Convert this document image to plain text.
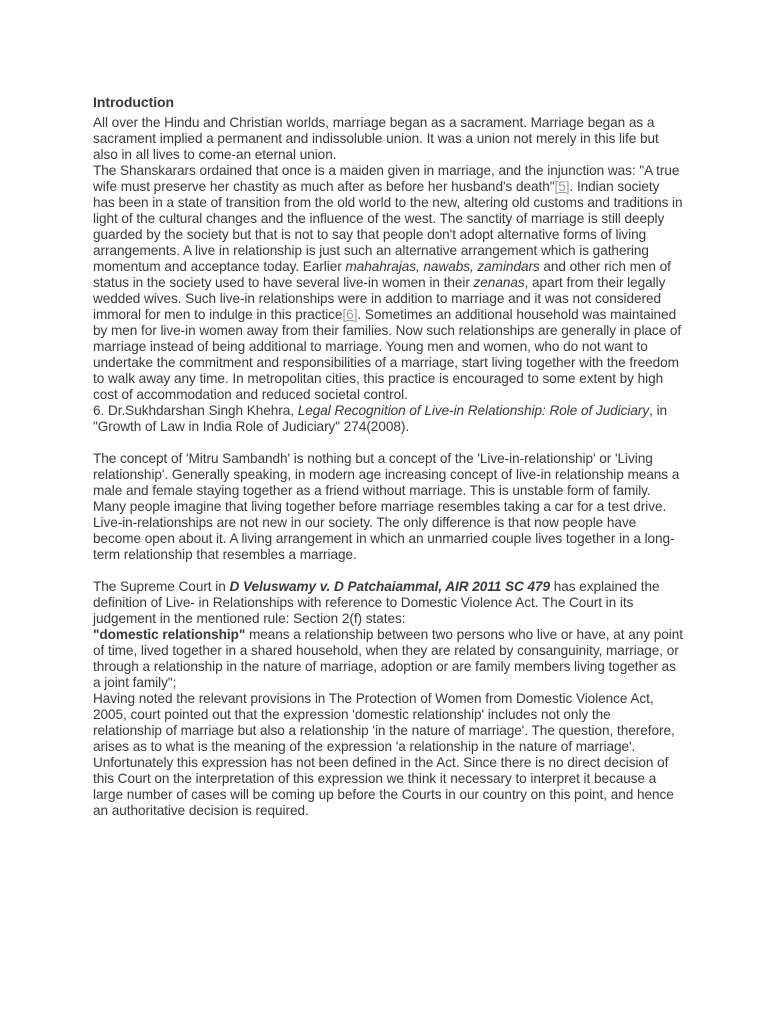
Introduction

All over the Hindu and Christian worlds, marriage began as a sacrament. Marriage began as a sacrament implied a permanent and indissoluble union. It was a union not merely in this life but also in all lives to come-an eternal union.

The Shanskarars ordained that once is a maiden given in marriage, and the injunction was: "A true wife must preserve her chastity as much after as before her husband's death"[5]. Indian society has been in a state of transition from the old world to the new, altering old customs and traditions in light of the cultural changes and the influence of the west. The sanctity of marriage is still deeply guarded by the society but that is not to say that people don't adopt alternative forms of living arrangements. A live in relationship is just such an alternative arrangement which is gathering momentum and acceptance today. Earlier mahahrajas, nawabs, zamindars and other rich men of status in the society used to have several live-in women in their zenanas, apart from their legally wedded wives. Such live-in relationships were in addition to marriage and it was not considered immoral for men to indulge in this practice[6]. Sometimes an additional household was maintained by men for live-in women away from their families. Now such relationships are generally in place of marriage instead of being additional to marriage. Young men and women, who do not want to undertake the commitment and responsibilities of a marriage, start living together with the freedom to walk away any time. In metropolitan cities, this practice is encouraged to some extent by high cost of accommodation and reduced societal control.

6. Dr.Sukhdarshan Singh Khehra, Legal Recognition of Live-in Relationship: Role of Judiciary, in "Growth of Law in India Role of Judiciary" 274(2008).

The concept of 'Mitru Sambandh' is nothing but a concept of the 'Live-in-relationship' or 'Living relationship'. Generally speaking, in modern age increasing concept of live-in relationship means a male and female staying together as a friend without marriage. This is unstable form of family. Many people imagine that living together before marriage resembles taking a car for a test drive. Live-in-relationships are not new in our society. The only difference is that now people have become open about it. A living arrangement in which an unmarried couple lives together in a long-term relationship that resembles a marriage.

The Supreme Court in D Veluswamy v. D Patchaiammal, AIR 2011 SC 479 has explained the definition of Live- in Relationships with reference to Domestic Violence Act. The Court in its judgement in the mentioned rule: Section 2(f) states:

"domestic relationship" means a relationship between two persons who live or have, at any point of time, lived together in a shared household, when they are related by consanguinity, marriage, or through a relationship in the nature of marriage, adoption or are family members living together as a joint family";

Having noted the relevant provisions in The Protection of Women from Domestic Violence Act, 2005, court pointed out that the expression 'domestic relationship' includes not only the relationship of marriage but also a relationship 'in the nature of marriage'. The question, therefore, arises as to what is the meaning of the expression 'a relationship in the nature of marriage'. Unfortunately this expression has not been defined in the Act. Since there is no direct decision of this Court on the interpretation of this expression we think it necessary to interpret it because a large number of cases will be coming up before the Courts in our country on this point, and hence an authoritative decision is required.
